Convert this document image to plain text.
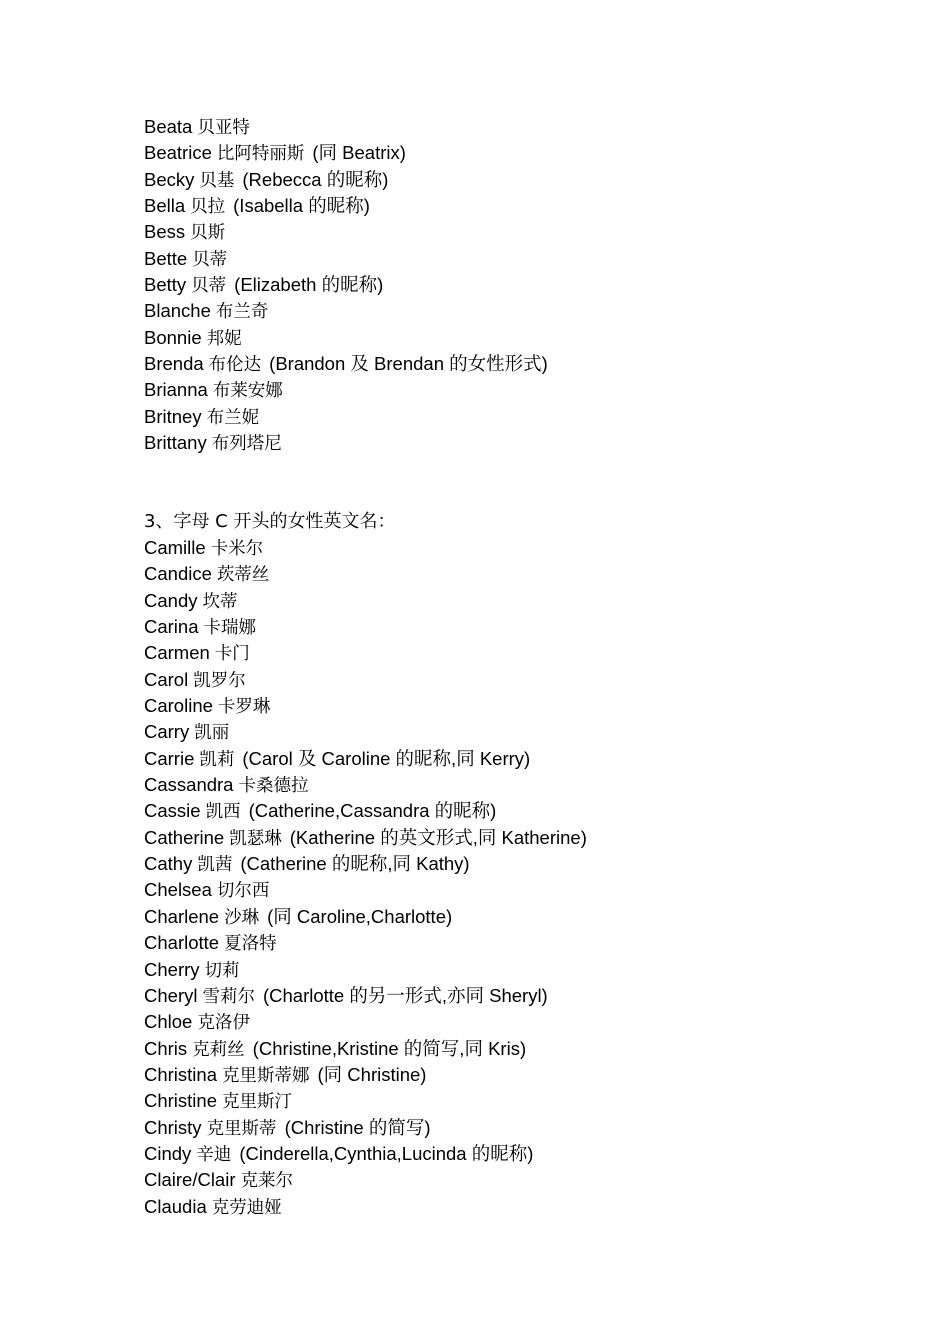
Beata 贝亚特
Beatrice 比阿特丽斯 (同 Beatrix)
Becky 贝基 (Rebecca 的昵称)
Bella 贝拉 (Isabella 的昵称)
Bess 贝斯
Bette 贝蒂
Betty 贝蒂 (Elizabeth 的昵称)
Blanche 布兰奇
Bonnie 邦妮
Brenda 布伦达 (Brandon 及 Brendan 的女性形式)
Brianna 布莱安娜
Britney 布兰妮
Brittany 布列塔尼
3、字母 C 开头的女性英文名：
Camille 卡米尔
Candice 莰蒂丝
Candy 坎蒂
Carina 卡瑞娜
Carmen 卡门
Carol 凯罗尔
Caroline 卡罗琳
Carry 凯丽
Carrie 凯莉 (Carol 及 Caroline 的昵称,同 Kerry)
Cassandra 卡桑德拉
Cassie 凯西 (Catherine,Cassandra 的昵称)
Catherine 凯瑟琳 (Katherine 的英文形式,同 Katherine)
Cathy 凯茜 (Catherine 的昵称,同 Kathy)
Chelsea 切尔西
Charlene 沙琳 (同 Caroline,Charlotte)
Charlotte 夏洛特
Cherry 切莉
Cheryl 雪莉尔 (Charlotte 的另一形式,亦同 Sheryl)
Chloe 克洛伊
Chris 克莉丝 (Christine,Kristine 的简写,同 Kris)
Christina 克里斯蒂娜 (同 Christine)
Christine 克里斯汀
Christy 克里斯蒂 (Christine 的简写)
Cindy 辛迪 (Cinderella,Cynthia,Lucinda 的昵称)
Claire/Clair 克莱尔
Claudia 克劳迪娅
